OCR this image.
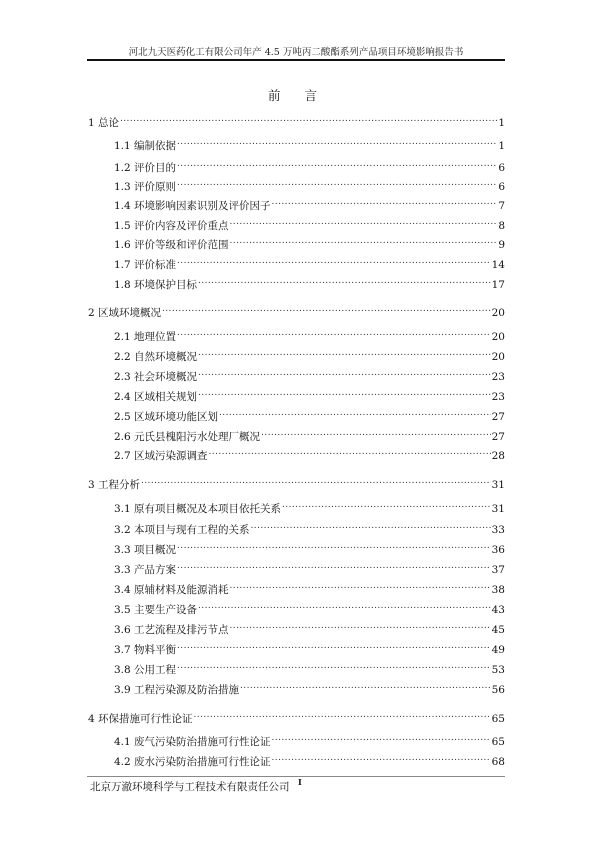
河北九天医药化工有限公司年产 4.5 万吨丙二酸酯系列产品项目环境影响报告书
前 言
1 总论 .....	1
1.1 编制依据 .....	1
1.2 评价目的 .....	6
1.3 评价原则 .....	6
1.4 环境影响因素识别及评价因子 .....	7
1.5 评价内容及评价重点 .....	8
1.6 评价等级和评价范围 .....	9
1.7 评价标准 .....	14
1.8 环境保护目标 .....	17
2 区域环境概况 .....	20
2.1 地理位置 .....	20
2.2 自然环境概况 .....	20
2.3 社会环境概况 .....	23
2.4 区域相关规划 .....	23
2.5 区域环境功能区划 .....	27
2.6 元氏县槐阳污水处理厂概况 .....	27
2.7 区域污染源调查 .....	28
3 工程分析 .....	31
3.1 原有项目概况及本项目依托关系 .....	31
3.2 本项目与现有工程的关系 .....	33
3.3 项目概况 .....	36
3.3 产品方案 .....	37
3.4 原辅材料及能源消耗 .....	38
3.5 主要生产设备 .....	43
3.6 工艺流程及排污节点 .....	45
3.7 物料平衡 .....	49
3.8 公用工程 .....	53
3.9 工程污染源及防治措施 .....	56
4 环保措施可行性论证 .....	65
4.1 废气污染防治措施可行性论证 .....	65
4.2 废水污染防治措施可行性论证 .....	68
北京万澈环境科学与工程技术有限责任公司 I
